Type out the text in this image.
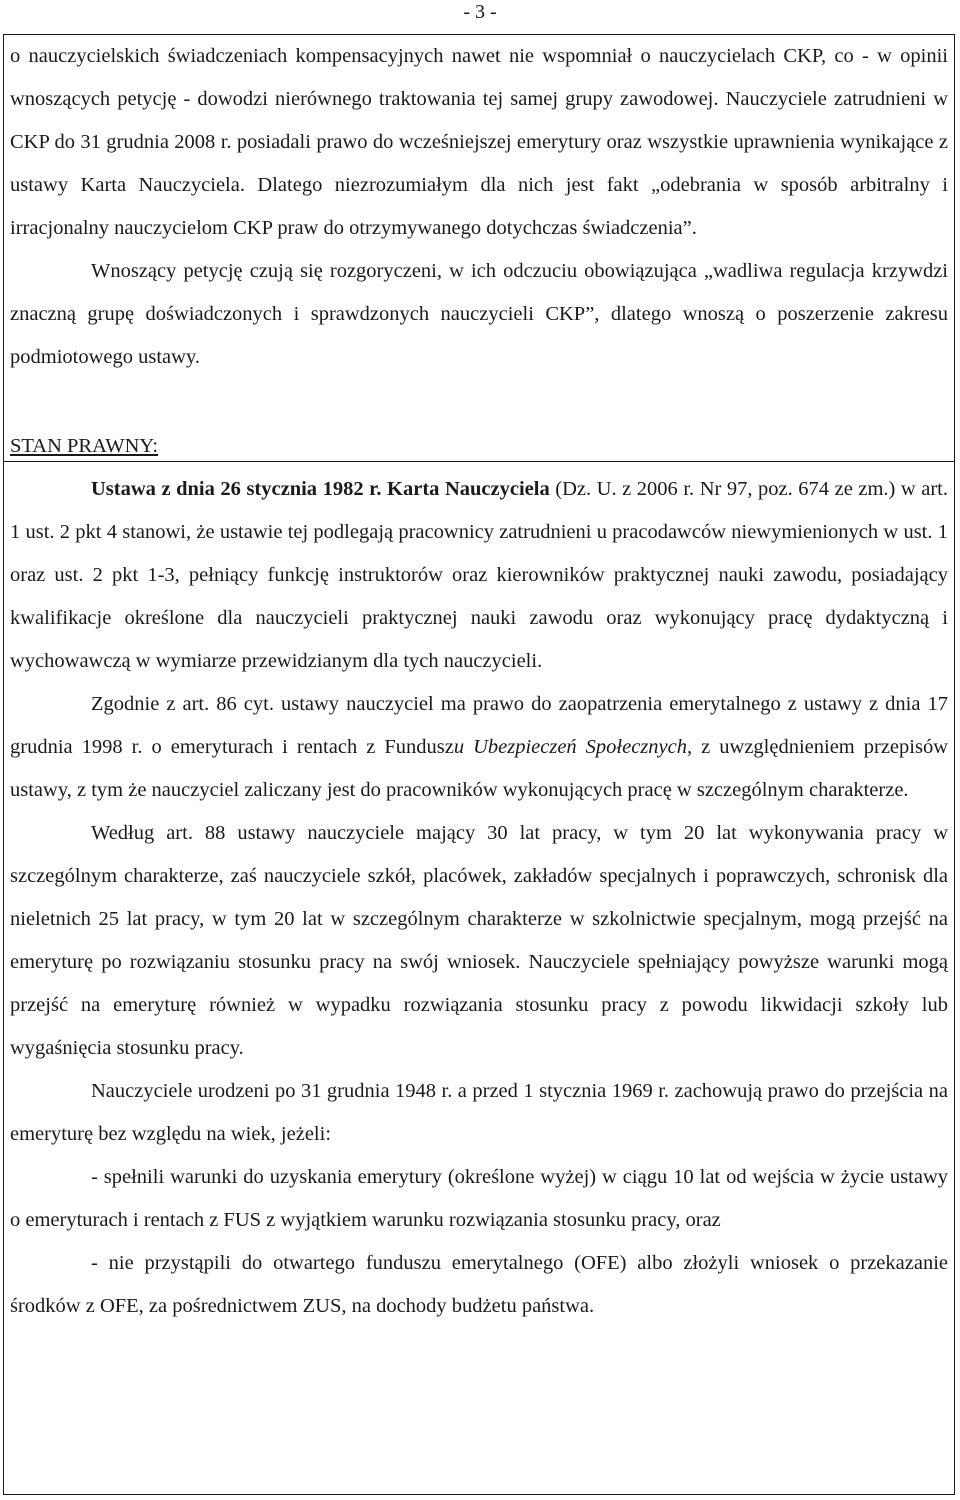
- 3 -

o nauczycielskich świadczeniach kompensacyjnych nawet nie wspomniał o nauczycielach CKP, co - w opinii wnoszących petycję - dowodzi nierównego traktowania tej samej grupy zawodowej. Nauczyciele zatrudnieni w CKP do 31 grudnia 2008 r. posiadali prawo do wcześniejszej emerytury oraz wszystkie uprawnienia wynikające z ustawy Karta Nauczyciela. Dlatego niezrozumiałym dla nich jest fakt „odebrania w sposób arbitralny i irracjonalny nauczycielom CKP praw do otrzymywanego dotychczas świadczenia”.

Wnoszący petycję czują się rozgoryczeni, w ich odczuciu obowiązująca „wadliwa regulacja krzywdzi znaczną grupę doświadczonych i sprawdzonych nauczycieli CKP”, dlatego wnoszą o poszerzenie zakresu podmiotowego ustawy.

STAN PRAWNY:

Ustawa z dnia 26 stycznia 1982 r. Karta Nauczyciela (Dz. U. z 2006 r. Nr 97, poz. 674 ze zm.) w art. 1 ust. 2 pkt 4 stanowi, że ustawie tej podlegają pracownicy zatrudnieni u pracodawców niewymienionych w ust. 1 oraz ust. 2 pkt 1-3, pełniący funkcję instruktorów oraz kierowników praktycznej nauki zawodu, posiadający kwalifikacje określone dla nauczycieli praktycznej nauki zawodu oraz wykonujący pracę dydaktyczną i wychowawczą w wymiarze przewidzianym dla tych nauczycieli.

Zgodnie z art. 86 cyt. ustawy nauczyciel ma prawo do zaopatrzenia emerytalnego z ustawy z dnia 17 grudnia 1998 r. o emeryturach i rentach z Funduszu Ubezpieczeń Społecznych, z uwzględnieniem przepisów ustawy, z tym że nauczyciel zaliczany jest do pracowników wykonujących pracę w szczególnym charakterze.

Według art. 88 ustawy nauczyciele mający 30 lat pracy, w tym 20 lat wykonywania pracy w szczególnym charakterze, zaś nauczyciele szkół, placówek, zakładów specjalnych i poprawczych, schronisk dla nieletnich 25 lat pracy, w tym 20 lat w szczególnym charakterze w szkolnictwie specjalnym, mogą przejść na emeryturę po rozwiązaniu stosunku pracy na swój wniosek. Nauczyciele spełniający powyższe warunki mogą przejść na emeryturę również w wypadku rozwiązania stosunku pracy z powodu likwidacji szkoły lub wygaśnięcia stosunku pracy.

Nauczyciele urodzeni po 31 grudnia 1948 r. a przed 1 stycznia 1969 r. zachowują prawo do przejścia na emeryturę bez względu na wiek, jeżeli:

- spełnili warunki do uzyskania emerytury (określone wyżej) w ciągu 10 lat od wejścia w życie ustawy o emeryturach i rentach z FUS z wyjątkiem warunku rozwiązania stosunku pracy, oraz

- nie przystąpili do otwartego funduszu emerytalnego (OFE) albo złożyli wniosek o przekazanie środków z OFE, za pośrednictwem ZUS, na dochody budżetu państwa.
